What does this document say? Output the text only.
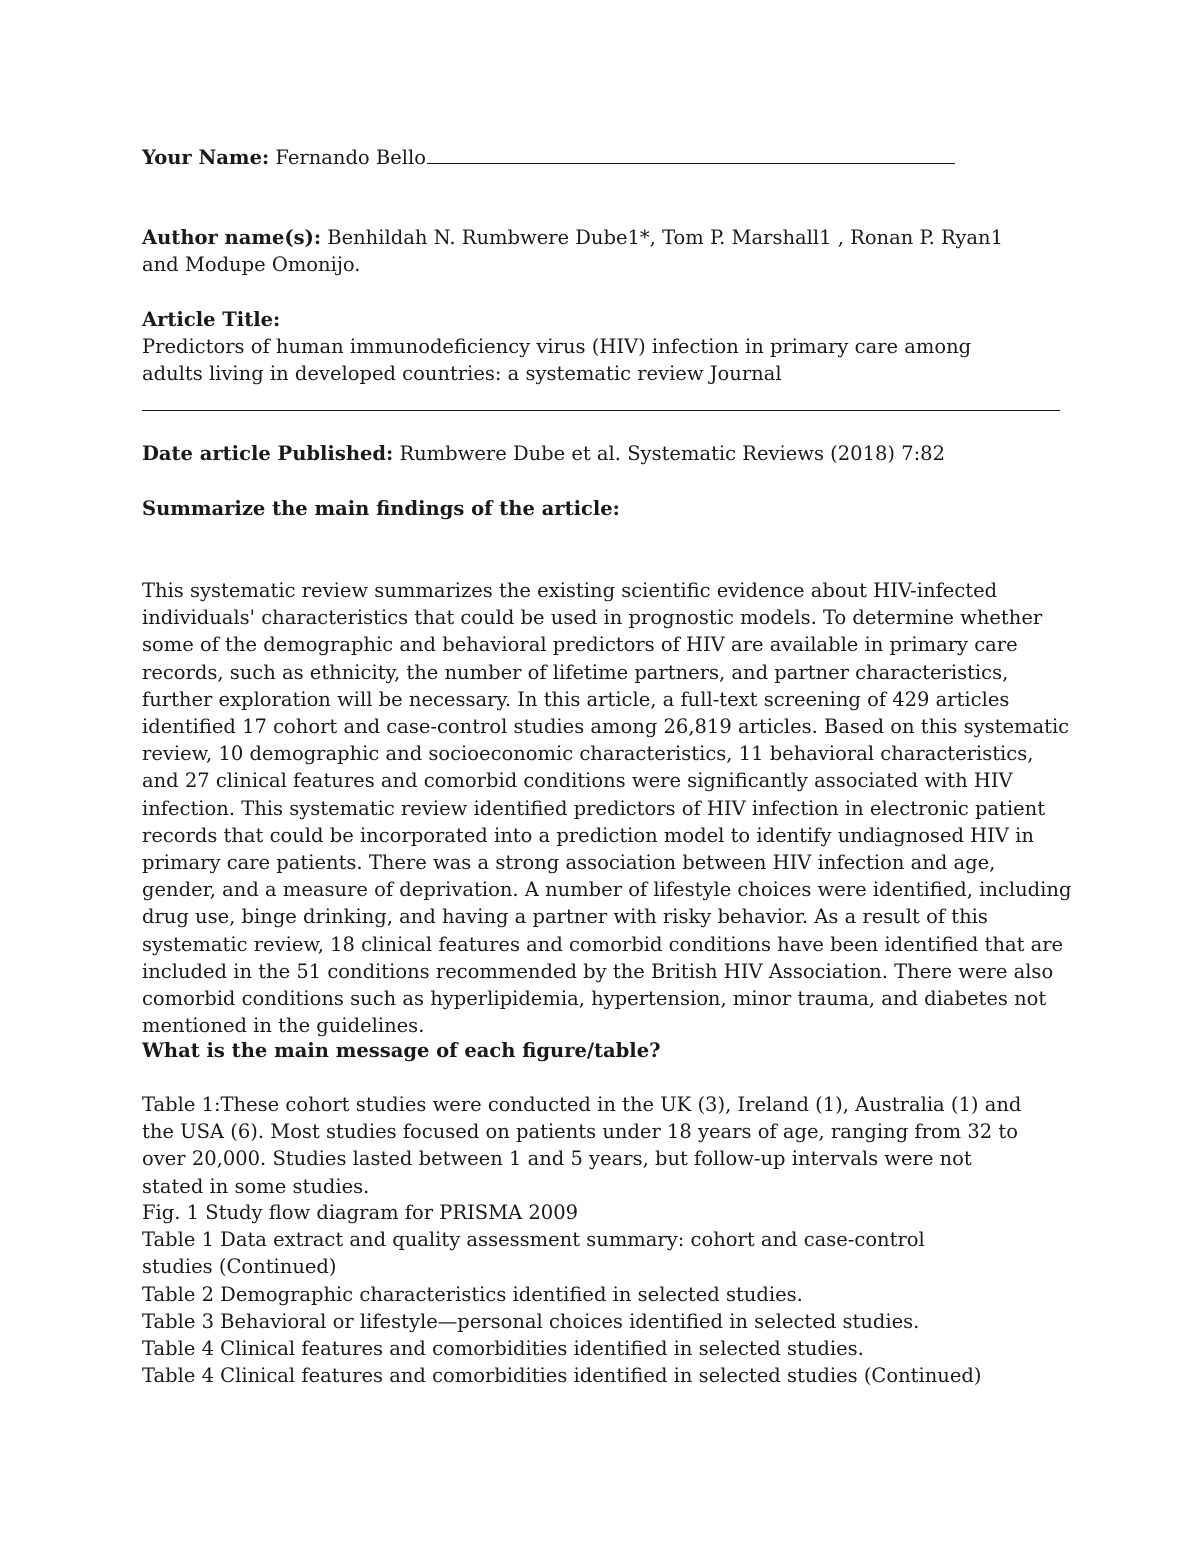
Your Name: Fernando Bello

Author name(s): Benhildah N. Rumbwere Dube1*, Tom P. Marshall1 , Ronan P. Ryan1 and Modupe Omonijo.

Article Title:

Predictors of human immunodeficiency virus (HIV) infection in primary care among adults living in developed countries: a systematic review Journal

Date article Published: Rumbwere Dube et al. Systematic Reviews (2018) 7:82

Summarize the main findings of the article:

This systematic review summarizes the existing scientific evidence about HIV-infected individuals' characteristics that could be used in prognostic models. To determine whether some of the demographic and behavioral predictors of HIV are available in primary care records, such as ethnicity, the number of lifetime partners, and partner characteristics, further exploration will be necessary. In this article, a full-text screening of 429 articles identified 17 cohort and case-control studies among 26,819 articles. Based on this systematic review, 10 demographic and socioeconomic characteristics, 11 behavioral characteristics, and 27 clinical features and comorbid conditions were significantly associated with HIV infection. This systematic review identified predictors of HIV infection in electronic patient records that could be incorporated into a prediction model to identify undiagnosed HIV in primary care patients. There was a strong association between HIV infection and age, gender, and a measure of deprivation. A number of lifestyle choices were identified, including drug use, binge drinking, and having a partner with risky behavior. As a result of this systematic review, 18 clinical features and comorbid conditions have been identified that are included in the 51 conditions recommended by the British HIV Association. There were also comorbid conditions such as hyperlipidemia, hypertension, minor trauma, and diabetes not mentioned in the guidelines.

What is the main message of each figure/table?

Table 1:These cohort studies were conducted in the UK (3), Ireland (1), Australia (1) and the USA (6). Most studies focused on patients under 18 years of age, ranging from 32 to over 20,000. Studies lasted between 1 and 5 years, but follow-up intervals were not stated in some studies.

Fig. 1 Study flow diagram for PRISMA 2009
Table 1 Data extract and quality assessment summary: cohort and case-control studies (Continued)
Table 2 Demographic characteristics identified in selected studies.
Table 3 Behavioral or lifestyle—personal choices identified in selected studies.
Table 4 Clinical features and comorbidities identified in selected studies.
Table 4 Clinical features and comorbidities identified in selected studies (Continued)
